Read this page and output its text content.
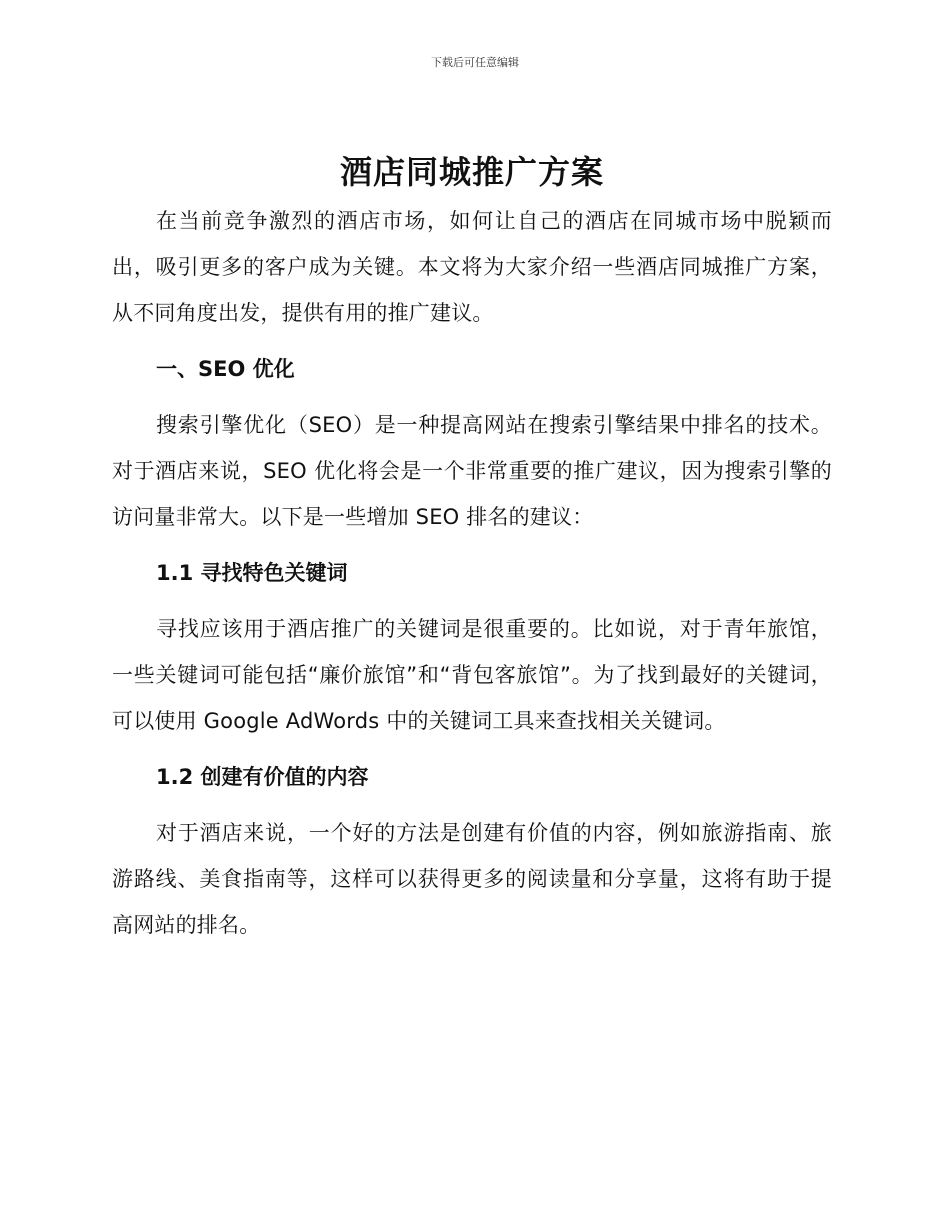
下载后可任意编辑
酒店同城推广方案

在当前竞争激烈的酒店市场，如何让自己的酒店在同城市场中脱颖而出，吸引更多的客户成为关键。本文将为大家介绍一些酒店同城推广方案，从不同角度出发，提供有用的推广建议。

一、SEO 优化

搜索引擎优化（SEO）是一种提高网站在搜索引擎结果中排名的技术。对于酒店来说，SEO 优化将会是一个非常重要的推广建议，因为搜索引擎的访问量非常大。以下是一些增加 SEO 排名的建议：

1.1 寻找特色关键词

寻找应该用于酒店推广的关键词是很重要的。比如说，对于青年旅馆，一些关键词可能包括“廉价旅馆”和“背包客旅馆”。为了找到最好的关键词，可以使用 Google AdWords 中的关键词工具来查找相关关键词。

1.2 创建有价值的内容

对于酒店来说，一个好的方法是创建有价值的内容，例如旅游指南、旅游路线、美食指南等，这样可以获得更多的阅读量和分享量，这将有助于提高网站的排名。
